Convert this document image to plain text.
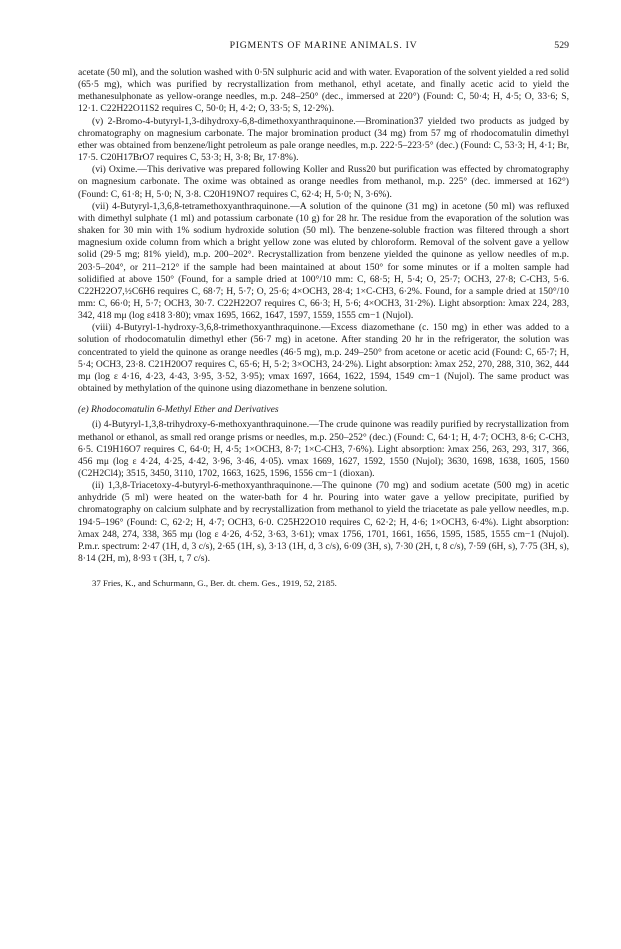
PIGMENTS OF MARINE ANIMALS. IV	529

acetate (50 ml), and the solution washed with 0·5N sulphuric acid and with water. Evaporation of the solvent yielded a red solid (65·5 mg), which was purified by recrystallization from methanol, ethyl acetate, and finally acetic acid to yield the methanesulphonate as yellow-orange needles, m.p. 248–250° (dec., immersed at 220°) (Found: C, 50·4; H, 4·5; O, 33·6; S, 12·1. C22H22O11S2 requires C, 50·0; H, 4·2; O, 33·5; S, 12·2%).

(v) 2-Bromo-4-butyryl-1,3-dihydroxy-6,8-dimethoxyanthraquinone.—Bromination37 yielded two products as judged by chromatography on magnesium carbonate. The major bromination product (34 mg) from 57 mg of rhodocomatulin dimethyl ether was obtained from benzene/light petroleum as pale orange needles, m.p. 222·5–223·5° (dec.) (Found: C, 53·3; H, 4·1; Br, 17·5. C20H17BrO7 requires C, 53·3; H, 3·8; Br, 17·8%).

(vi) Oxime.—This derivative was prepared following Koller and Russ20 but purification was effected by chromatography on magnesium carbonate. The oxime was obtained as orange needles from methanol, m.p. 225° (dec. immersed at 162°) (Found: C, 61·8; H, 5·0; N, 3·8. C20H19NO7 requires C, 62·4; H, 5·0; N, 3·6%).

(vii) 4-Butyryl-1,3,6,8-tetramethoxyanthraquinone.—A solution of the quinone (31 mg) in acetone (50 ml) was refluxed with dimethyl sulphate (1 ml) and potassium carbonate (10 g) for 28 hr. The residue from the evaporation of the solution was shaken for 30 min with 1% sodium hydroxide solution (50 ml). The benzene-soluble fraction was filtered through a short magnesium oxide column from which a bright yellow zone was eluted by chloroform. Removal of the solvent gave a yellow solid (29·5 mg; 81% yield), m.p. 200–202°. Recrystallization from benzene yielded the quinone as yellow needles of m.p. 203·5–204°, or 211–212° if the sample had been maintained at about 150° for some minutes or if a molten sample had solidified at above 150° (Found, for a sample dried at 100°/10 mm: C, 68·5; H, 5·4; O, 25·7; OCH3, 27·8; C-CH3, 5·6. C22H22O7,½C6H6 requires C, 68·7; H, 5·7; O, 25·6; 4×OCH3, 28·4; 1×C-CH3, 6·2%. Found, for a sample dried at 150°/10 mm: C, 66·0; H, 5·7; OCH3, 30·7. C22H22O7 requires C, 66·3; H, 5·6; 4×OCH3, 31·2%). Light absorption: λmax 224, 283, 342, 418 mμ (log ε418 3·80); νmax 1695, 1662, 1647, 1597, 1559, 1555 cm−1 (Nujol).

(viii) 4-Butyryl-1-hydroxy-3,6,8-trimethoxyanthraquinone.—Excess diazomethane (c. 150 mg) in ether was added to a solution of rhodocomatulin dimethyl ether (56·7 mg) in acetone. After standing 20 hr in the refrigerator, the solution was concentrated to yield the quinone as orange needles (46·5 mg), m.p. 249–250° from acetone or acetic acid (Found: C, 65·7; H, 5·4; OCH3, 23·8. C21H20O7 requires C, 65·6; H, 5·2; 3×OCH3, 24·2%). Light absorption: λmax 252, 270, 288, 310, 362, 444 mμ (log ε 4·16, 4·23, 4·43, 3·95, 3·52, 3·95); νmax 1697, 1664, 1622, 1594, 1549 cm−1 (Nujol). The same product was obtained by methylation of the quinone using diazomethane in benzene solution.

(e) Rhodocomatulin 6-Methyl Ether and Derivatives

(i) 4-Butyryl-1,3,8-trihydroxy-6-methoxyanthraquinone.—The crude quinone was readily purified by recrystallization from methanol or ethanol, as small red orange prisms or needles, m.p. 250–252° (dec.) (Found: C, 64·1; H, 4·7; OCH3, 8·6; C-CH3, 6·5. C19H16O7 requires C, 64·0; H, 4·5; 1×OCH3, 8·7; 1×C-CH3, 7·6%). Light absorption: λmax 256, 263, 293, 317, 366, 456 mμ (log ε 4·24, 4·25, 4·42, 3·96, 3·46, 4·05). νmax 1669, 1627, 1592, 1550 (Nujol); 3630, 1698, 1638, 1605, 1560 (C2H2Cl4); 3515, 3450, 3110, 1702, 1663, 1625, 1596, 1556 cm−1 (dioxan).

(ii) 1,3,8-Triacetoxy-4-butyryl-6-methoxyanthraquinone.—The quinone (70 mg) and sodium acetate (500 mg) in acetic anhydride (5 ml) were heated on the water-bath for 4 hr. Pouring into water gave a yellow precipitate, purified by chromatography on calcium sulphate and by recrystallization from methanol to yield the triacetate as pale yellow needles, m.p. 194·5–196° (Found: C, 62·2; H, 4·7; OCH3, 6·0. C25H22O10 requires C, 62·2; H, 4·6; 1×OCH3, 6·4%). Light absorption: λmax 248, 274, 338, 365 mμ (log ε 4·26, 4·52, 3·63, 3·61); νmax 1756, 1701, 1661, 1656, 1595, 1585, 1555 cm−1 (Nujol). P.m.r. spectrum: 2·47 (1H, d, 3 c/s), 2·65 (1H, s), 3·13 (1H, d, 3 c/s), 6·09 (3H, s), 7·30 (2H, t, 8 c/s), 7·59 (6H, s), 7·75 (3H, s), 8·14 (2H, m), 8·93 τ (3H, t, 7 c/s).

37 Fries, K., and Schurmann, G., Ber. dt. chem. Ges., 1919, 52, 2185.
